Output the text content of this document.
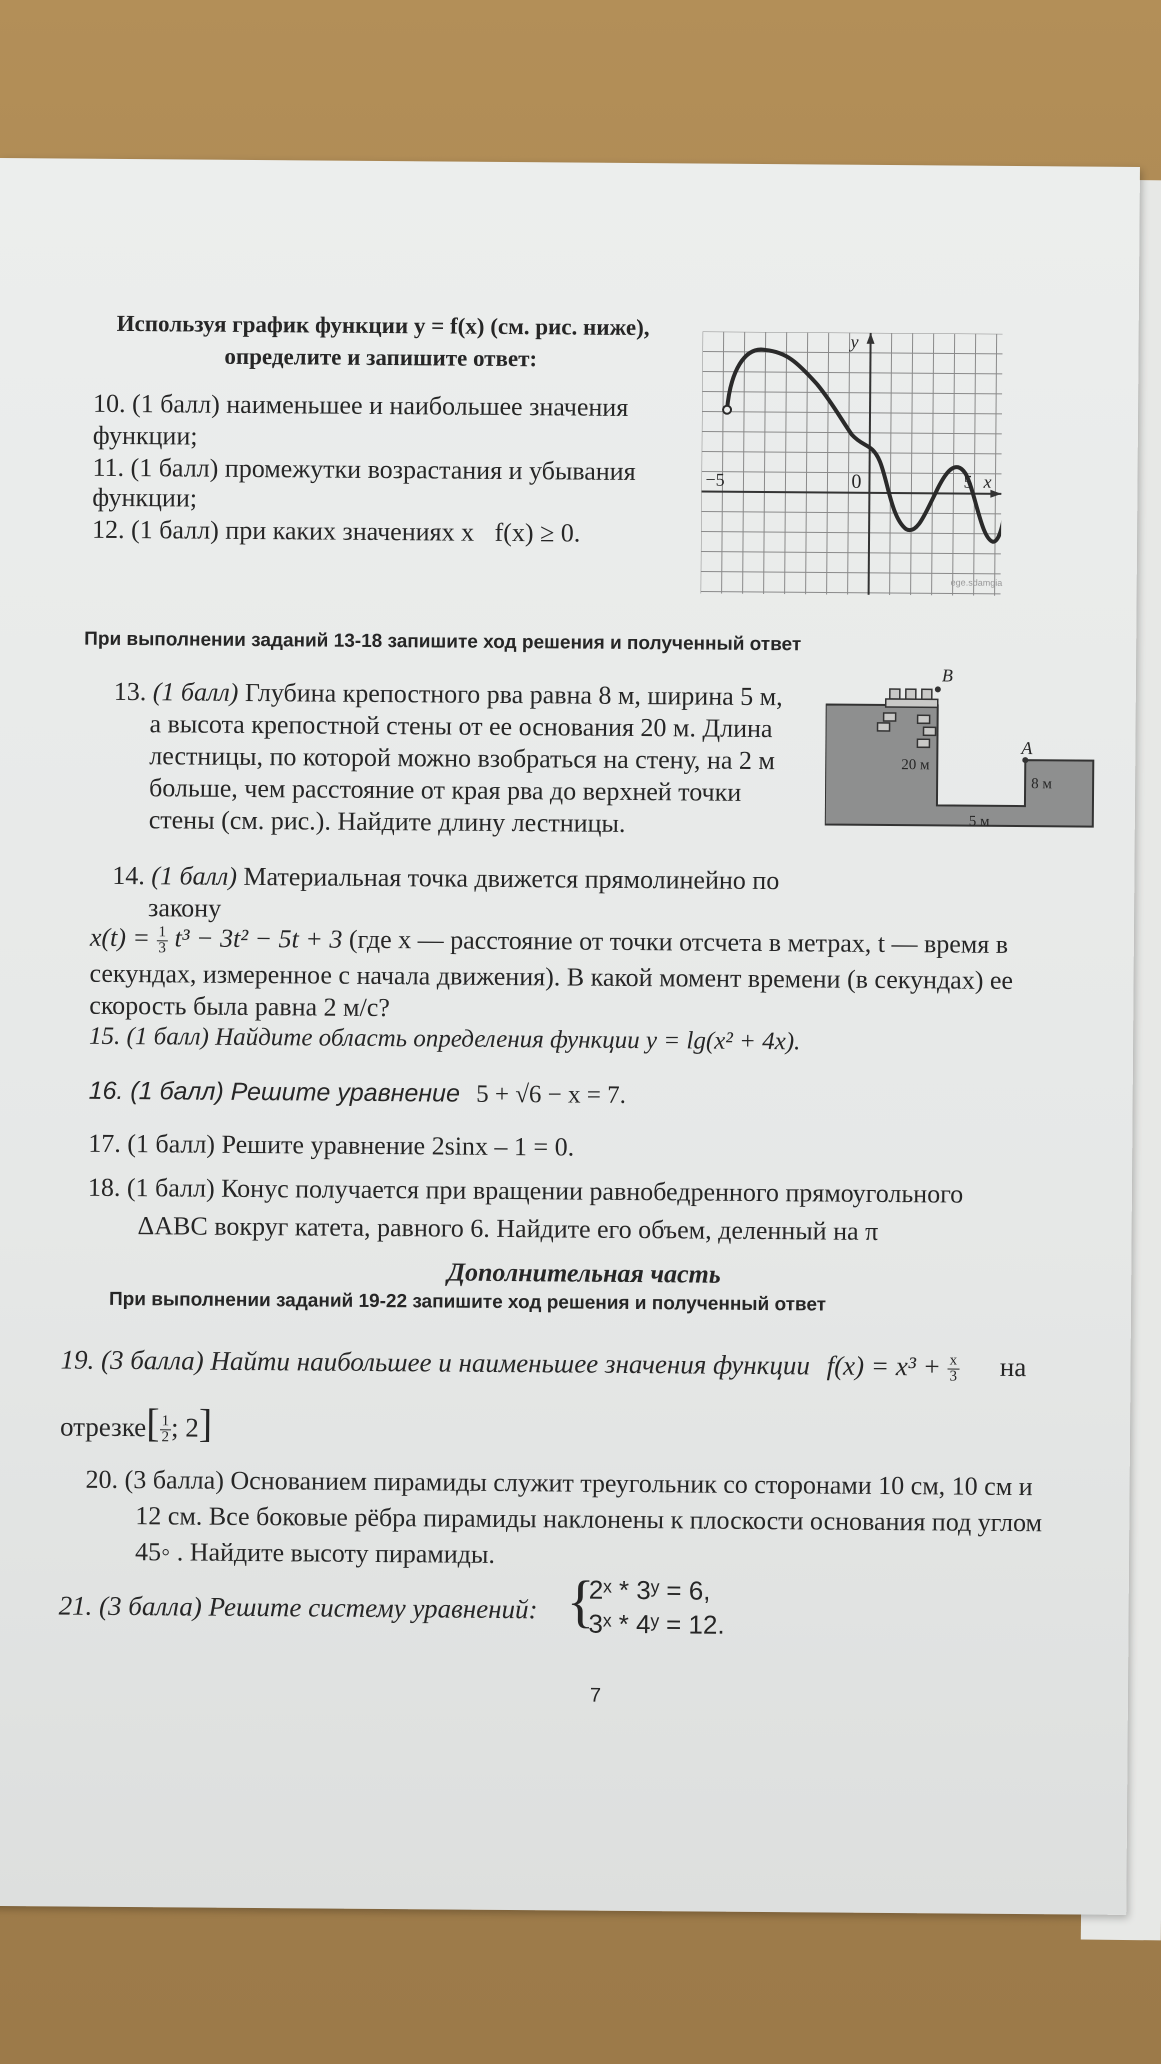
Используя график функции у = f(x) (см. рис. ниже),
определите и запишите ответ:
10. (1 балл) наименьшее и наибольшее значения
функции;
11. (1 балл) промежутки возрастания и убывания
функции;
12. (1 балл) при каких значениях x f(x) ≥ 0.
y
x
0
−5	5
ege.sdamgia
При выполнении заданий 13-18 запишите ход решения и полученный ответ
13. (1 балл) Глубина крепостного рва равна 8 м, ширина 5 м,
а высота крепостной стены от ее основания 20 м. Длина
лестницы, по которой можно взобраться на стену, на 2 м
больше, чем расстояние от края рва до верхней точки
стены (см. рис.). Найдите длину лестницы.
B
A
20 м
8 м
5 м
14. (1 балл) Материальная точка движется прямолинейно по
закону
$x(t) = \frac{1}{3} t^3 - 3t^2 - 5t + 3$ (где x — расстояние от точки отсчета в метрах, t — время в
секундах, измеренное с начала движения). В какой момент времени (в секундах) ее
скорость была равна 2 м/с?
15. (1 балл) Найдите область определения функции y = lg(x² + 4x).
16. (1 балл) Решите уравнение 5 + √6 − x = 7.
17. (1 балл) Решите уравнение 2sinx – 1 = 0.
18. (1 балл) Конус получается при вращении равнобедренного прямоугольного
ΔABC вокруг катета, равного 6. Найдите его объем, деленный на π
Дополнительная часть
При выполнении заданий 19-22 запишите ход решения и полученный ответ
19. (3 балла) Найти наибольшее и наименьшее значения функции $f(x) = x^3 + \frac{x}{3}$ на
отрезке[ $\frac{1}{2}$ ; 2]
20. (3 балла) Основанием пирамиды служит треугольник со сторонами 10 см, 10 см и
12 см. Все боковые рёбра пирамиды наклонены к плоскости основания под углом
45◦ . Найдите высоту пирамиды.
21. (3 балла) Решите систему уравнений: {
2ˣ * 3ʸ = 6,
3ˣ * 4ʸ = 12.
7
